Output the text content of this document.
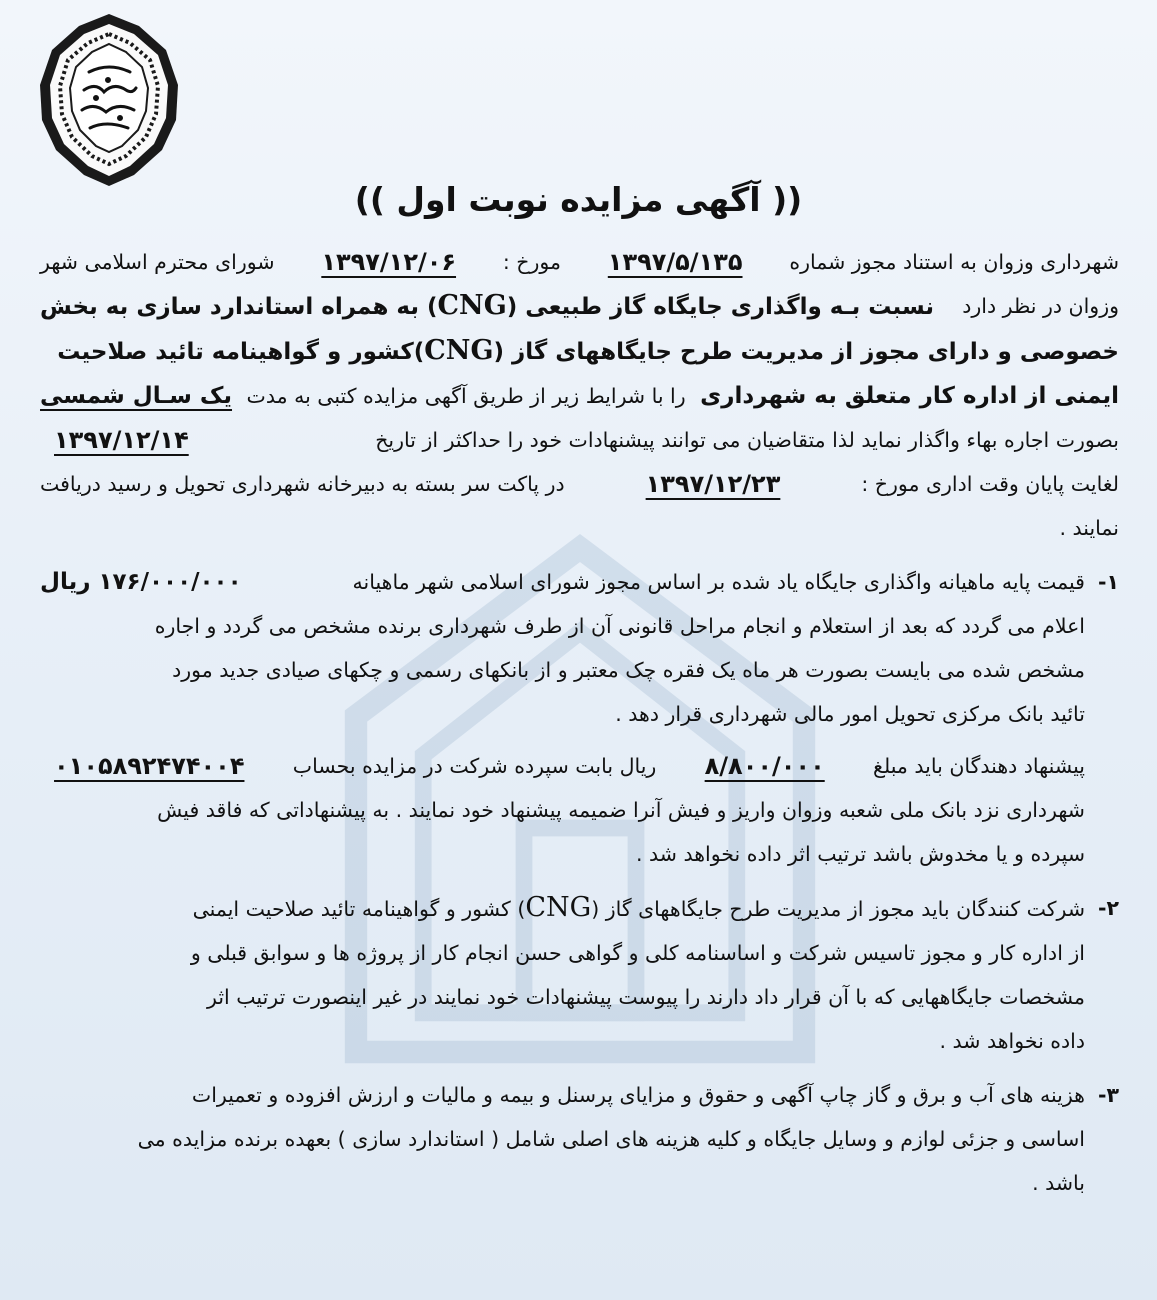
(( آگهی مزایده نوبت اول ))
شهرداری وزوان به استناد مجوز شماره
۱۳۹۷/۵/۱۳۵
مورخ :
۱۳۹۷/۱۲/۰۶
شورای محترم اسلامی شهر
وزوان در نظر دارد
نسبت بـه واگذاری جایگاه گاز طبیعی (CNG) به همراه استاندارد سازی به بخش
خصوصی و دارای مجوز از مدیریت طرح جایگاههای گاز (CNG)کشور و گواهینامه تائید صلاحیت
ایمنی از اداره کار متعلق به شهرداری
را با شرایط زیر از طریق آگهی مزایده کتبی به مدت
یک سـال شمسی
بصورت اجاره بهاء واگذار نماید لذا متقاضیان می توانند پیشنهادات خود را حداکثر از تاریخ
۱۳۹۷/۱۲/۱۴
لغایت پایان وقت اداری مورخ :
۱۳۹۷/۱۲/۲۳
در پاکت سر بسته به دبیرخانه شهرداری تحویل و رسید دریافت
نمایند .
۱-
قیمت پایه ماهیانه واگذاری جایگاه یاد شده بر اساس مجوز شورای اسلامی شهر ماهیانه
۱۷۶/۰۰۰/۰۰۰ ریال
اعلام می گردد که بعد از استعلام و انجام مراحل قانونی آن از طرف شهرداری برنده مشخص می گردد و اجاره
مشخص شده می بایست بصورت هر ماه یک فقره چک معتبر و از بانکهای رسمی و چکهای صیادی جدید مورد
تائید بانک مرکزی تحویل امور مالی شهرداری قرار دهد .
پیشنهاد دهندگان باید مبلغ
۸/۸۰۰/۰۰۰
ریال بابت سپرده شرکت در مزایده بحساب
۰۱۰۵۸۹۲۴۷۴۰۰۴
شهرداری نزد بانک ملی شعبه وزوان واریز و فیش آنرا ضمیمه پیشنهاد خود نمایند . به پیشنهاداتی که فاقد فیش
سپرده و یا مخدوش باشد ترتیب اثر داده نخواهد شد .
۲-
شرکت کنندگان باید مجوز از مدیریت طرح جایگاههای گاز (CNG) کشور و گواهینامه تائید صلاحیت ایمنی
از اداره کار و مجوز تاسیس شرکت و اساسنامه کلی و گواهی حسن انجام کار از پروژه ها و سوابق قبلی و
مشخصات جایگاههایی که با آن قرار داد دارند را پیوست پیشنهادات خود نمایند در غیر اینصورت ترتیب اثر
داده نخواهد شد .
۳-
هزینه های آب و برق و گاز چاپ آگهی و حقوق و مزایای پرسنل و بیمه و مالیات و ارزش افزوده و تعمیرات
اساسی و جزئی لوازم و وسایل جایگاه و کلیه هزینه های اصلی شامل ( استاندارد سازی ) بعهده برنده مزایده می
باشد .
